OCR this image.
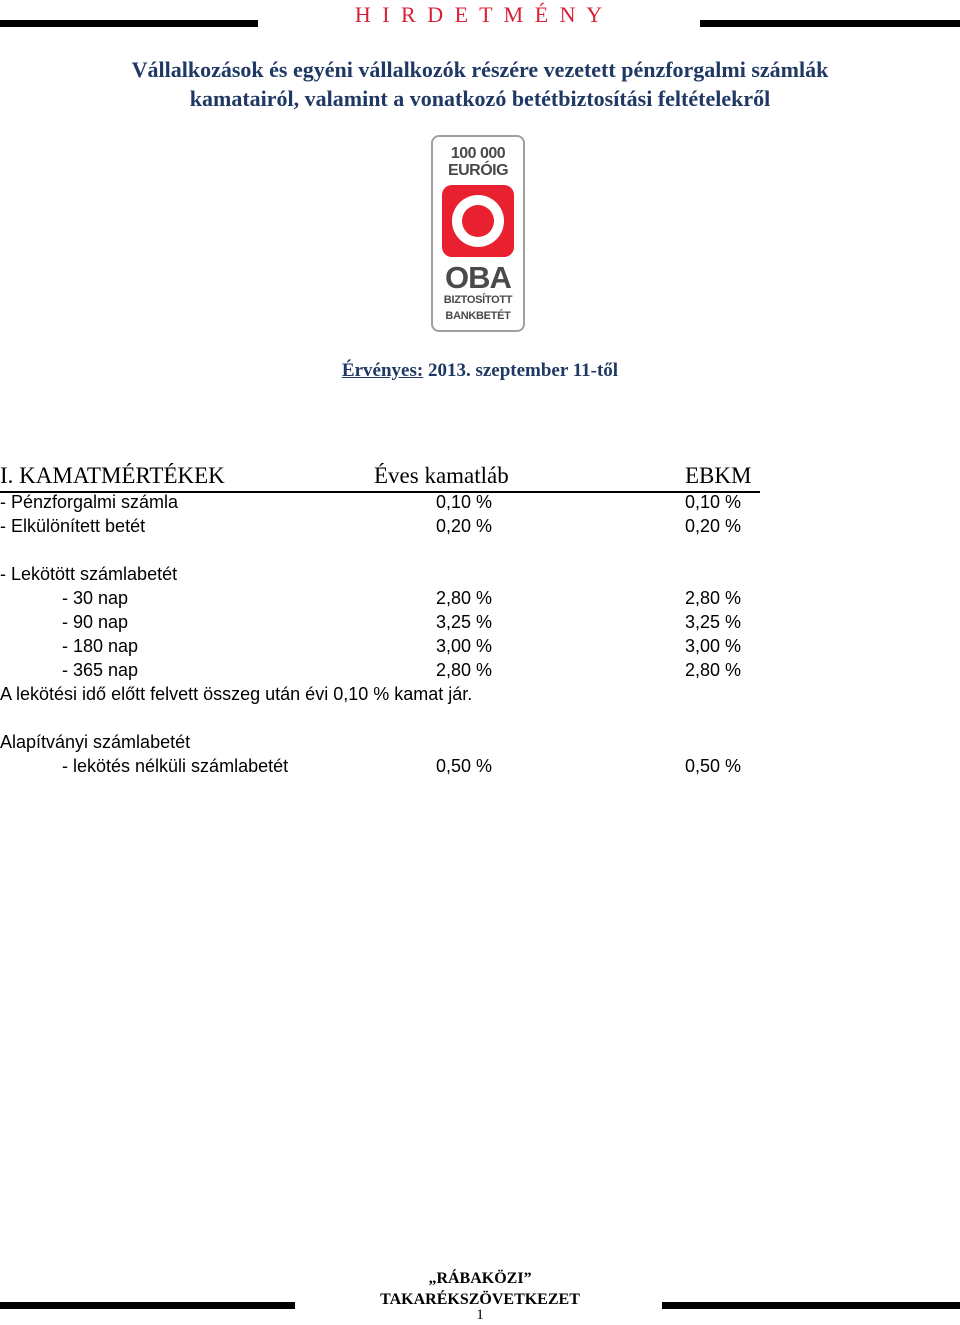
H I R D E T M É N Y
Vállalkozások és egyéni vállalkozók részére vezetett pénzforgalmi számlák
kamatairól, valamint a vonatkozó betétbiztosítási feltételekről
100 000
EURÓIG
OBA
BIZTOSÍTOTT
BANKBETÉT
Érvényes: 2013. szeptember 11-től
I. KAMATMÉRTÉKEK	Éves kamatláb	EBKM
- Pénzforgalmi számla	0,10 %	0,10 %
- Elkülönített betét	0,20 %	0,20 %
- Lekötött számlabetét
- 30 nap	2,80 %	2,80 %
- 90 nap	3,25 %	3,25 %
- 180 nap	3,00 %	3,00 %
- 365 nap	2,80 %	2,80 %
A lekötési idő előtt felvett összeg után évi 0,10 % kamat jár.
Alapítványi számlabetét
- lekötés nélküli számlabetét	0,50 %	0,50 %
„RÁBAKÖZI”
TAKARÉKSZÖVETKEZET
1
